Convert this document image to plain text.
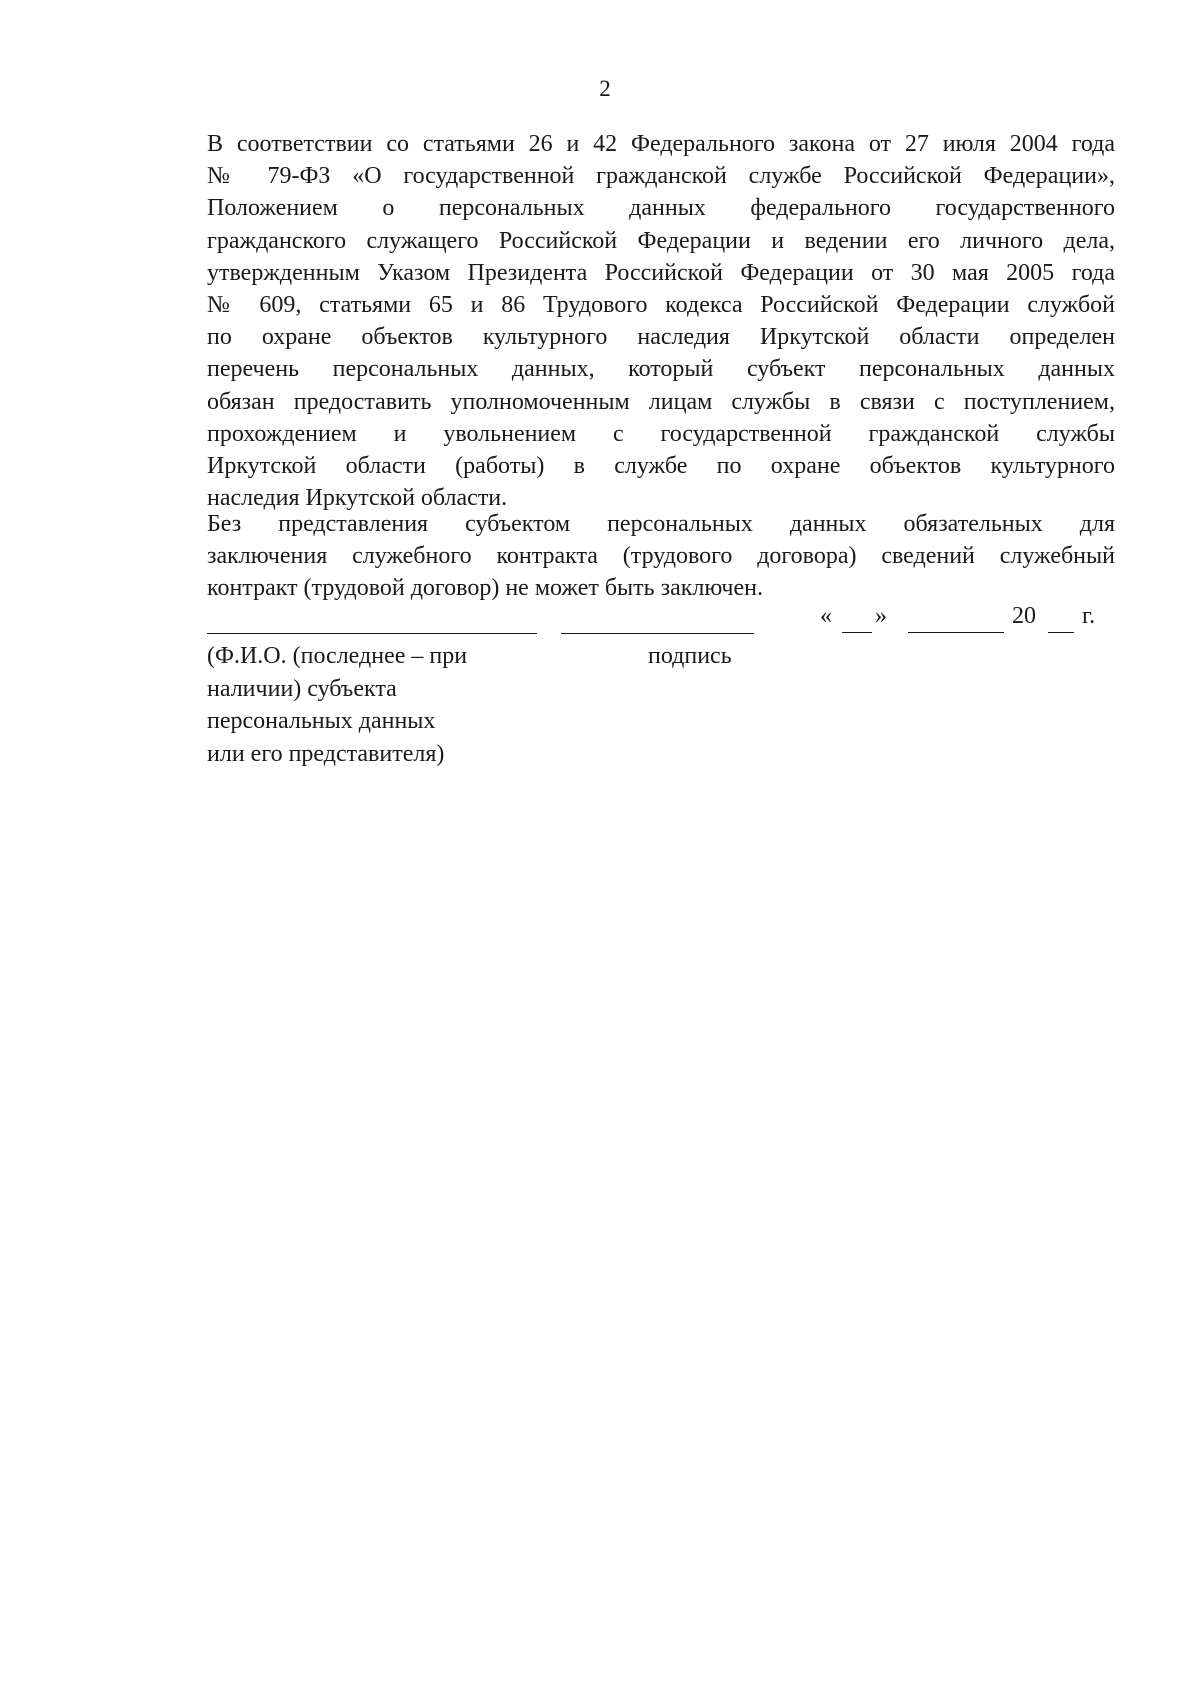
2
В соответствии со статьями 26 и 42 Федерального закона от 27 июля 2004 года
№ 79-ФЗ «О государственной гражданской службе Российской Федерации»,
Положением о персональных данных федерального государственного
гражданского служащего Российской Федерации и ведении его личного дела,
утвержденным Указом Президента Российской Федерации от 30 мая 2005 года
№ 609, статьями 65 и 86 Трудового кодекса Российской Федерации службой
по охране объектов культурного наследия Иркутской области определен
перечень персональных данных, который субъект персональных данных
обязан предоставить уполномоченным лицам службы в связи с поступлением,
прохождением и увольнением с государственной гражданской службы
Иркутской области (работы) в службе по охране объектов культурного
наследия Иркутской области.
Без представления субъектом персональных данных обязательных для
заключения служебного контракта (трудового договора) сведений служебный
контракт (трудовой договор) не может быть заключен.
« »	20 г.
(Ф.И.О. (последнее – при
наличии) субъекта
персональных данных
или его представителя)
подпись
